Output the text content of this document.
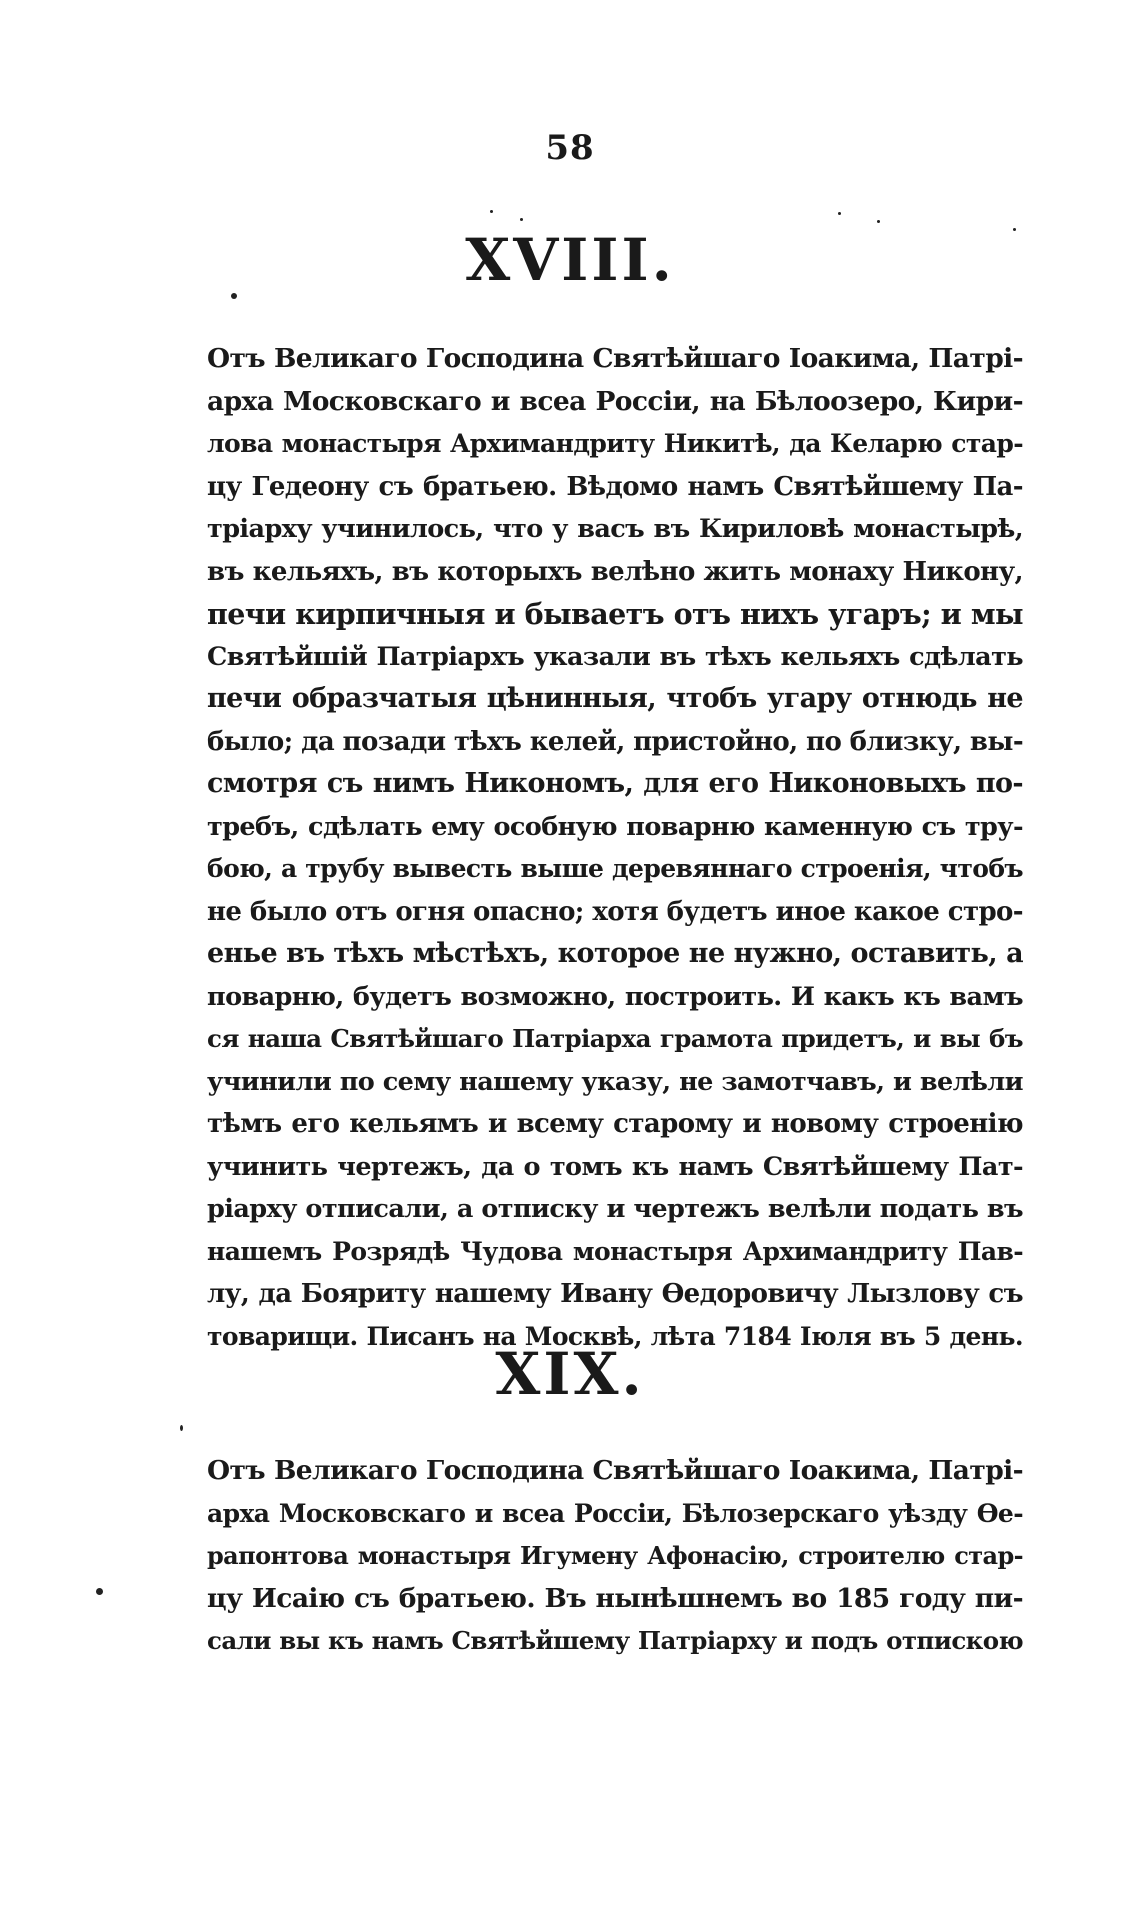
58
XVIII.

Отъ Великаго Господина Святѣйшаго Іоакима, Патрі-
арха Московскаго и всеа Россіи, на Бѣлоозеро, Кири-
лова монастыря Архимандриту Никитѣ, да Келарю стар-
цу Гедеону съ братьею. Вѣдомо намъ Святѣйшему Па-
тріарху учинилось, что у васъ въ Кириловѣ монастырѣ,
въ кельяхъ, въ которыхъ велѣно жить монаху Никону,
печи кирпичныя и бываетъ отъ нихъ угаръ; и мы
Святѣйшій Патріархъ указали въ тѣхъ кельяхъ сдѣлать
печи образчатыя цѣнинныя, чтобъ угару отнюдь не
было; да позади тѣхъ келей, пристойно, по близку, вы-
смотря съ нимъ Никономъ, для его Никоновыхъ по-
требъ, сдѣлать ему особную поварню каменную съ тру-
бою, а трубу вывесть выше деревяннаго строенія, чтобъ
не было отъ огня опасно; хотя будетъ иное какое стро-
енье въ тѣхъ мѣстѣхъ, которое не нужно, оставить, а
поварню, будетъ возможно, построить. И какъ къ вамъ
ся наша Святѣйшаго Патріарха грамота придетъ, и вы бъ
учинили по сему нашему указу, не замотчавъ, и велѣли
тѣмъ его кельямъ и всему старому и новому строенію
учинить чертежъ, да о томъ къ намъ Святѣйшему Пат-
ріарху отписали, а отписку и чертежъ велѣли подать въ
нашемъ Розрядѣ Чудова монастыря Архимандриту Пав-
лу, да Бояриту нашему Ивану Ѳедоровичу Лызлову съ
товарищи. Писанъ на Москвѣ, лѣта 7184 Іюля въ 5 день.

XIX.

Отъ Великаго Господина Святѣйшаго Іоакима, Патрі-
арха Московскаго и всеа Россіи, Бѣлозерскаго уѣзду Ѳе-
рапонтова монастыря Игумену Афонасію, строителю стар-
цу Исаію съ братьею. Въ нынѣшнемъ во 185 году пи-
сали вы къ намъ Святѣйшему Патріарху и подъ отпискою
